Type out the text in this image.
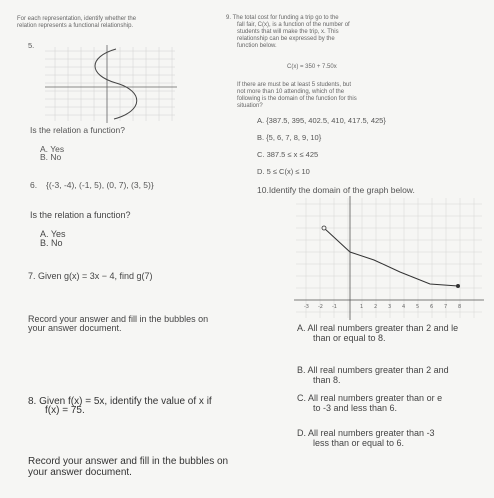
For each representation, identify whether the
relation represents a functional relationship.
5.
Is the relation a function?
A. Yes
B. No
6. {(-3, -4), (-1, 5), (0, 7), (3, 5)}
Is the relation a function?
A. Yes
B. No
7. Given g(x) = 3x − 4, find g(7)
Record your answer and fill in the bubbles on
your answer document.
8. Given f(x) = 5x, identify the value of x if
f(x) = 75.
Record your answer and fill in the bubbles on
your answer document.
9. The total cost for funding a trip go to the
fall fair, C(x), is a function of the number of
students that will make the trip, x. This
relationship can be expressed by the
function below.
C(x) = 350 + 7.50x
If there are must be at least 5 students, but
not more than 10 attending, which of the
following is the domain of the function for this
situation?
A. {387.5, 395, 402.5, 410, 417.5, 425}
B. {5, 6, 7, 8, 9, 10}
C. 387.5 ≤ x ≤ 425
D. 5 ≤ C(x) ≤ 10
10.Identify the domain of the graph below.
-3 -2 -1	1 2 3 4 5 6 7 8
A. All real numbers greater than 2 and le
than or equal to 8.
B. All real numbers greater than 2 and
than 8.
C. All real numbers greater than or e
to -3 and less than 6.
D. All real numbers greater than -3
less than or equal to 6.
